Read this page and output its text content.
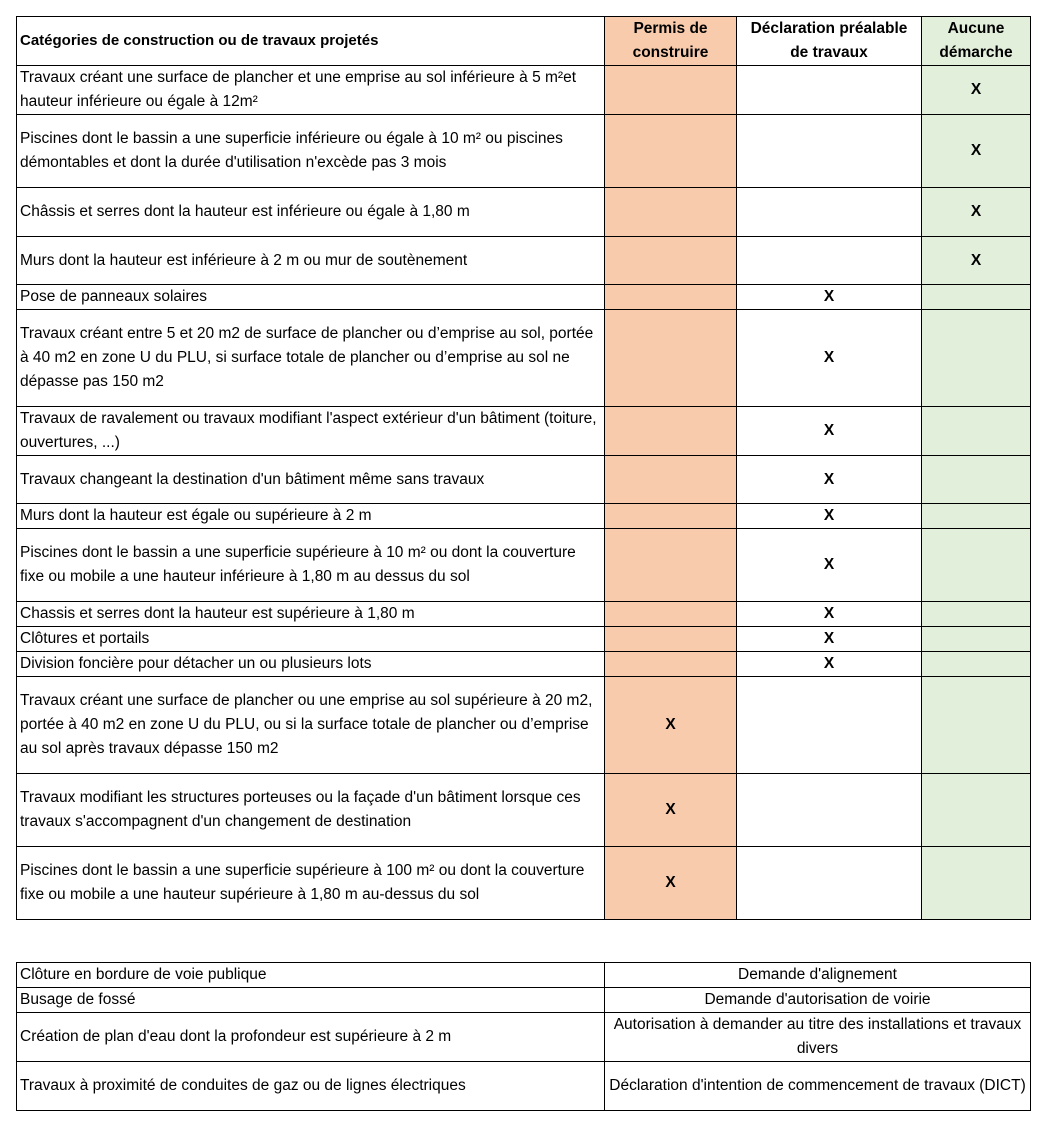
Catégories de construction ou de travaux projetés	Permis de construire	Déclaration préalable de travaux	Aucune démarche
Travaux créant une surface de plancher et une emprise au sol inférieure à 5 m²et hauteur inférieure ou égale à 12m²			X
Piscines dont le bassin a une superficie inférieure ou égale à 10 m² ou piscines démontables et dont la durée d'utilisation n'excède pas 3 mois			X
Châssis et serres dont la hauteur est inférieure ou égale à 1,80 m			X
Murs dont la hauteur est inférieure à 2 m ou mur de soutènement			X
Pose de panneaux solaires		X	
Travaux créant entre 5 et 20 m2 de surface de plancher ou d’emprise au sol, portée à 40 m2 en zone U du PLU, si surface totale de plancher ou d’emprise au sol ne dépasse pas 150 m2		X	
Travaux de ravalement ou travaux modifiant l'aspect extérieur d'un bâtiment (toiture, ouvertures, ...)		X	
Travaux changeant la destination d'un bâtiment même sans travaux		X	
Murs dont la hauteur est égale ou supérieure à 2 m		X	
Piscines dont le bassin a une superficie supérieure à 10 m² ou dont la couverture fixe ou mobile a une hauteur inférieure à 1,80 m au dessus du sol		X	
Chassis et serres dont la hauteur est supérieure à 1,80 m		X	
Clôtures et portails		X	
Division foncière pour détacher un ou plusieurs lots		X	
Travaux créant une surface de plancher ou une emprise au sol supérieure à 20 m2, portée à 40 m2 en zone U du PLU, ou si la surface totale de plancher ou d’emprise au sol après travaux dépasse 150 m2	X		
Travaux modifiant les structures porteuses ou la façade d'un bâtiment lorsque ces travaux s'accompagnent d'un changement de destination	X		
Piscines dont le bassin a une superficie supérieure à 100 m² ou dont la couverture fixe ou mobile a une hauteur supérieure à 1,80 m au-dessus du sol	X		
Clôture en bordure de voie publique	Demande d'alignement
Busage de fossé	Demande d'autorisation de voirie
Création de plan d'eau dont la profondeur est supérieure à 2 m	Autorisation à demander au titre des installations et travaux divers
Travaux à proximité de conduites de gaz ou de lignes électriques	Déclaration d'intention de commencement de travaux (DICT)
